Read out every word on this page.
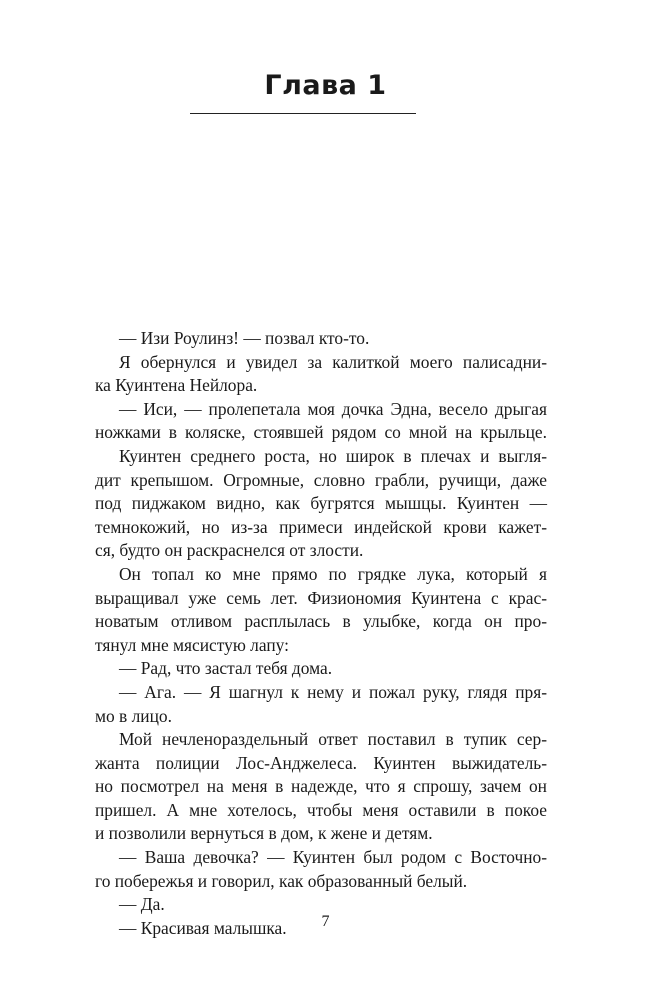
Глава 1
— Изи Роулинз! — позвал кто-то.
Я обернулся и увидел за калиткой моего палисадни-
ка Куинтена Нейлора.
— Иси, — пролепетала моя дочка Эдна, весело дрыгая
ножками в коляске, стоявшей рядом со мной на крыльце.
Куинтен среднего роста, но широк в плечах и выгля-
дит крепышом. Огромные, словно грабли, ручищи, даже
под пиджаком видно, как бугрятся мышцы. Куинтен —
темнокожий, но из-за примеси индейской крови кажет-
ся, будто он раскраснелся от злости.
Он топал ко мне прямо по грядке лука, который я
выращивал уже семь лет. Физиономия Куинтена с крас-
новатым отливом расплылась в улыбке, когда он про-
тянул мне мясистую лапу:
— Рад, что застал тебя дома.
— Ага. — Я шагнул к нему и пожал руку, глядя пря-
мо в лицо.
Мой нечленораздельный ответ поставил в тупик сер-
жанта полиции Лос-Анджелеса. Куинтен выжидатель-
но посмотрел на меня в надежде, что я спрошу, зачем он
пришел. А мне хотелось, чтобы меня оставили в покое
и позволили вернуться в дом, к жене и детям.
— Ваша девочка? — Куинтен был родом с Восточно-
го побережья и говорил, как образованный белый.
— Да.
— Красивая малышка.	7
